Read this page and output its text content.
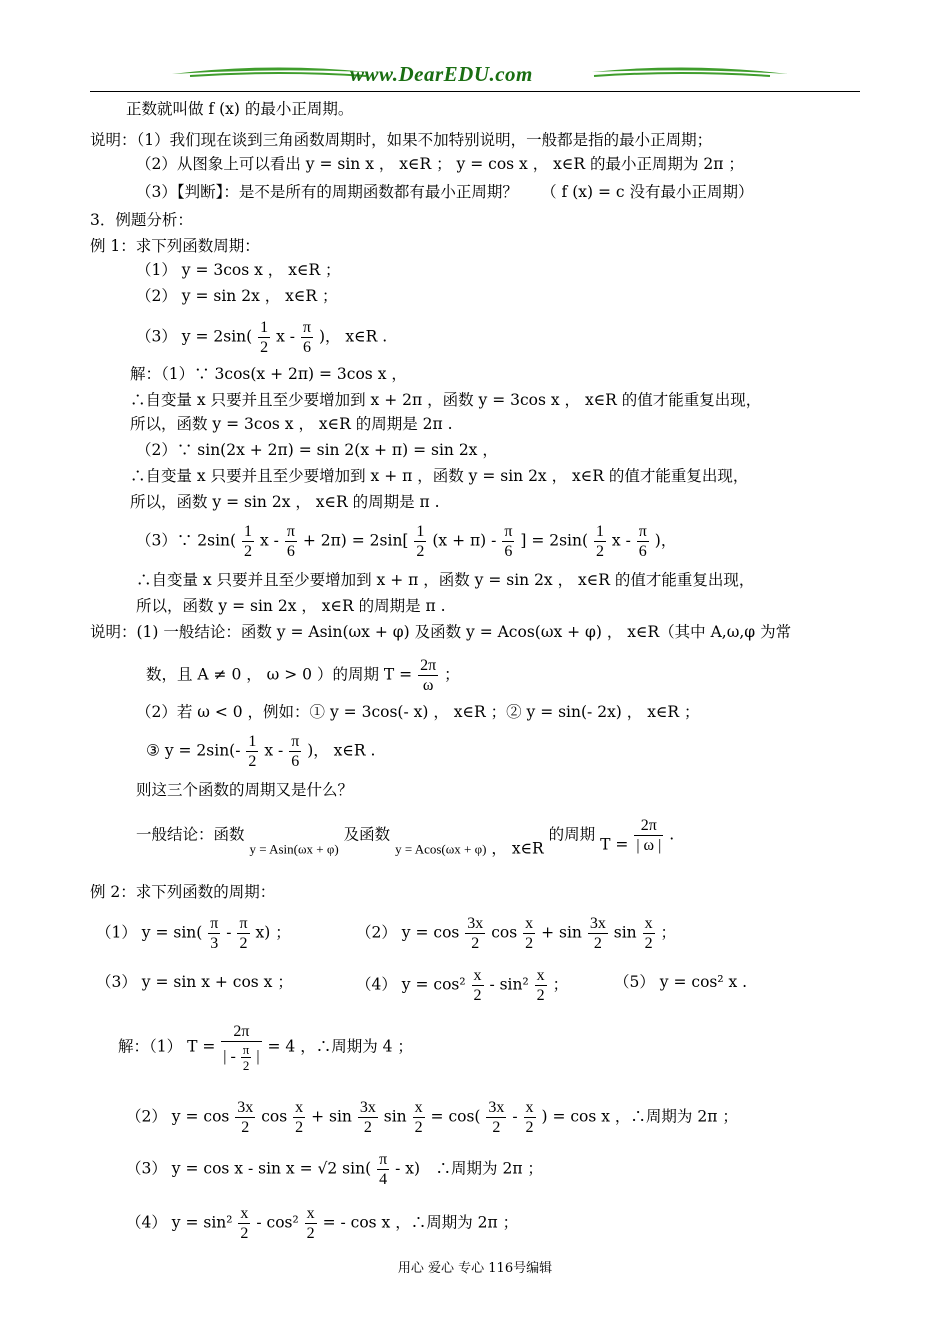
www.DearEDU.com
正数就叫做 f (x) 的最小正周期。
说明：（1）我们现在谈到三角函数周期时，如果不加特别说明，一般都是指的最小正周期；
（2）从图象上可以看出 y = sin x ， x∈R ； y = cos x ， x∈R 的最小正周期为 2π ；
（3）【判断】：是不是所有的周期函数都有最小正周期？　　（ f (x) = c 没有最小正周期）
3．例题分析：
例 1：求下列函数周期：
（1） y = 3cos x ， x∈R ；
（2） y = sin 2x ， x∈R ；
（3） $y = 2\sin( \frac{1}{2}$ x - $\frac{\pi}{6}$ )， x∈R .
解：（1）∵ 3cos(x + 2π) = 3cos x ，
∴自变量 x 只要并且至少要增加到 x + 2π ，函数 y = 3cos x ， x∈R 的值才能重复出现，
所以，函数 y = 3cos x ， x∈R 的周期是 2π .
（2）∵ sin(2x + 2π) = sin 2(x + π) = sin 2x ，
∴自变量 x 只要并且至少要增加到 x + π ，函数 y = sin 2x ， x∈R 的值才能重复出现，
所以，函数 y = sin 2x ， x∈R 的周期是 π .
（3）∵ $2\sin( \frac{1}{2}$ $x - \frac{\pi}{6} + 2\pi) = 2\sin[ \frac{1}{2} (x + \pi) - \frac{\pi}{6}$ ] = $2\sin( \frac{1}{2}$ x - $\frac{\pi}{6}$ )，
∴自变量 x 只要并且至少要增加到 x + π ，函数 y = sin 2x ， x∈R 的值才能重复出现，
所以，函数 y = sin 2x ， x∈R 的周期是 π .
说明：(1) 一般结论：函数 y = Asin(ωx + φ) 及函数 y = Acos(ωx + φ) ， x∈R（其中 A,ω,φ 为常
数，且 A ≠ 0 ， ω > 0 ）的周期 $T = \frac{2\pi}{\omega}$ ；
（2）若 ω < 0 ，例如：① y = 3cos(- x) ， x∈R ；② y = sin(- 2x) ， x∈R ；
③ $y = 2\sin(- \frac{1}{2}$ x - $\frac{\pi}{6}$ )， x∈R .
则这三个函数的周期又是什么？
一般结论：函数 $_{y = Asin(\omega x + \varphi)}$ 及函数 $_{y = Acos(\omega x + \varphi)}$ ， x∈R 的周期 $T = \frac{2\pi}{| \omega |}$ .
例 2：求下列函数的周期：
（1） $y = \sin( \frac{\pi}{3} - \frac{\pi}{2} x)$ ；	（2） $y = \cos \frac{3x}{2}$ $\cos \frac{x}{2} + \sin \frac{3x}{2}$ $\sin \frac{x}{2}$ ；
（3） y = sin x + cos x ；	（4） $y = \cos^2 \frac{x}{2} - \sin^2 \frac{x}{2}$ ；	（5） y = cos² x .
解：（1） $T = \frac{2\pi}{| - \frac{\pi}{2} |} = 4$ ，∴周期为 4 ；
（2） $y = \cos \frac{3x}{2}$ $\cos \frac{x}{2} + \sin \frac{3x}{2}$ $\sin \frac{x}{2} = \cos( \frac{3x}{2} - \frac{x}{2}$ ) = cos x ，∴周期为 2π ；
（3） y = cos x - sin x = √2 $\sin( \frac{\pi}{4} - x)$　∴周期为 2π ；
（4） $y = \sin^2 \frac{x}{2} - \cos^2 \frac{x}{2}$ = - cos x ，∴周期为 2π ；
用心 爱心 专心 116号编辑
